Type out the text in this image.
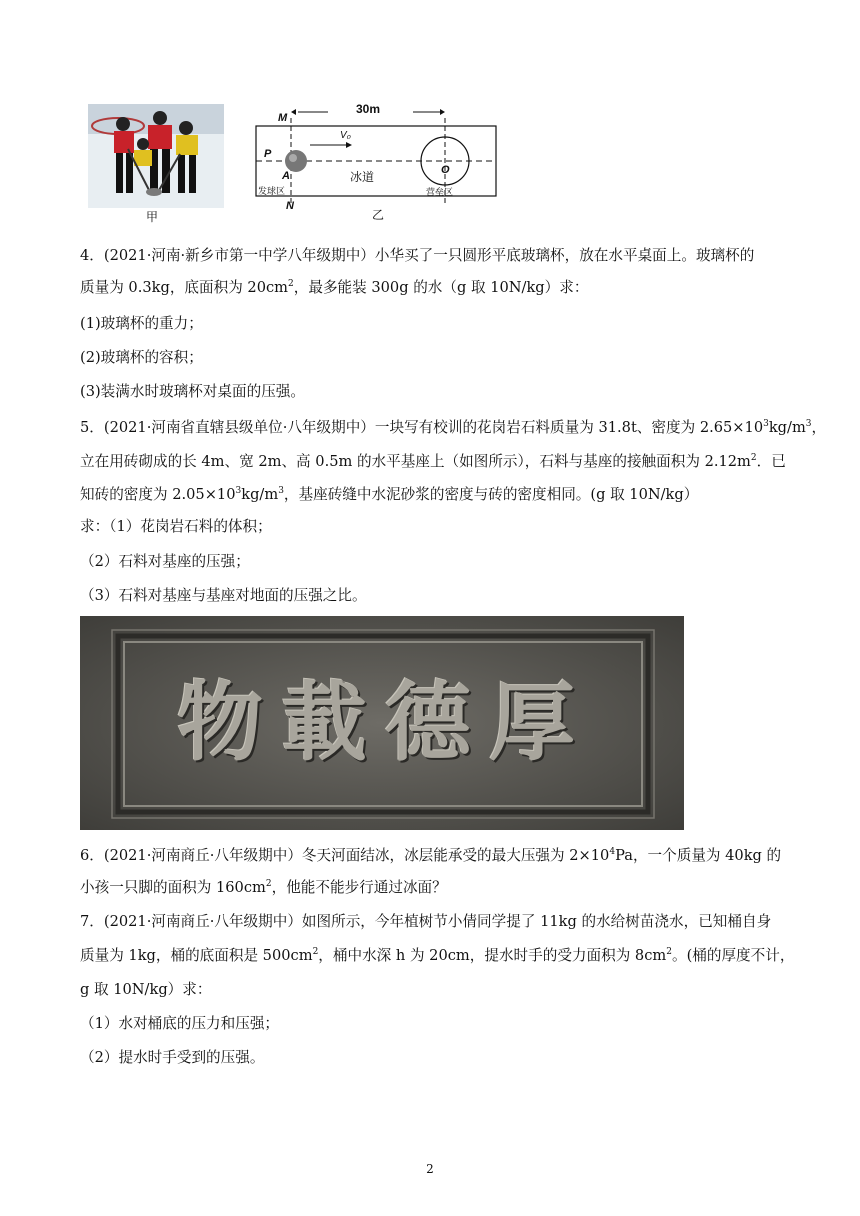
甲
30m
M
P
A
N
O
V₀
冰道
发球区	营垒区
乙
4．(2021·河南·新乡市第一中学八年级期中）小华买了一只圆形平底玻璃杯，放在水平桌面上。玻璃杯的
质量为 0.3kg，底面积为 $20cm^2$，最多能装 300g 的水（g 取 10N/kg）求：
(1)玻璃杯的重力；
(2)玻璃杯的容积；
(3)装满水时玻璃杯对桌面的压强。
5．(2021·河南省直辖县级单位·八年级期中）一块写有校训的花岗岩石料质量为 31.8t、密度为 $2.65\times 10^3kg/m^3$，
立在用砖砌成的长 4m、宽 2m、高 0.5m 的水平基座上（如图所示），石料与基座的接触面积为 $2.12m^2$．已
知砖的密度为 $2.05\times 10^3kg/m^3$，基座砖缝中水泥砂浆的密度与砖的密度相同。(g 取 10N/kg）
求：（1）花岗岩石料的体积；
（2）石料对基座的压强；
（3）石料对基座与基座对地面的压强之比。
物載德厚
6．(2021·河南商丘·八年级期中）冬天河面结冰，冰层能承受的最大压强为 $2\times 10^4Pa$，一个质量为 40kg 的
小孩一只脚的面积为 $160cm^2$，他能不能步行通过冰面？
7．(2021·河南商丘·八年级期中）如图所示，今年植树节小倩同学提了 11kg 的水给树苗浇水，已知桶自身
质量为 1kg，桶的底面积是 $500cm^2$，桶中水深 h 为 20cm，提水时手的受力面积为 $8cm^2$。(桶的厚度不计，
g 取 10N/kg）求：
（1）水对桶底的压力和压强；
（2）提水时手受到的压强。
2
